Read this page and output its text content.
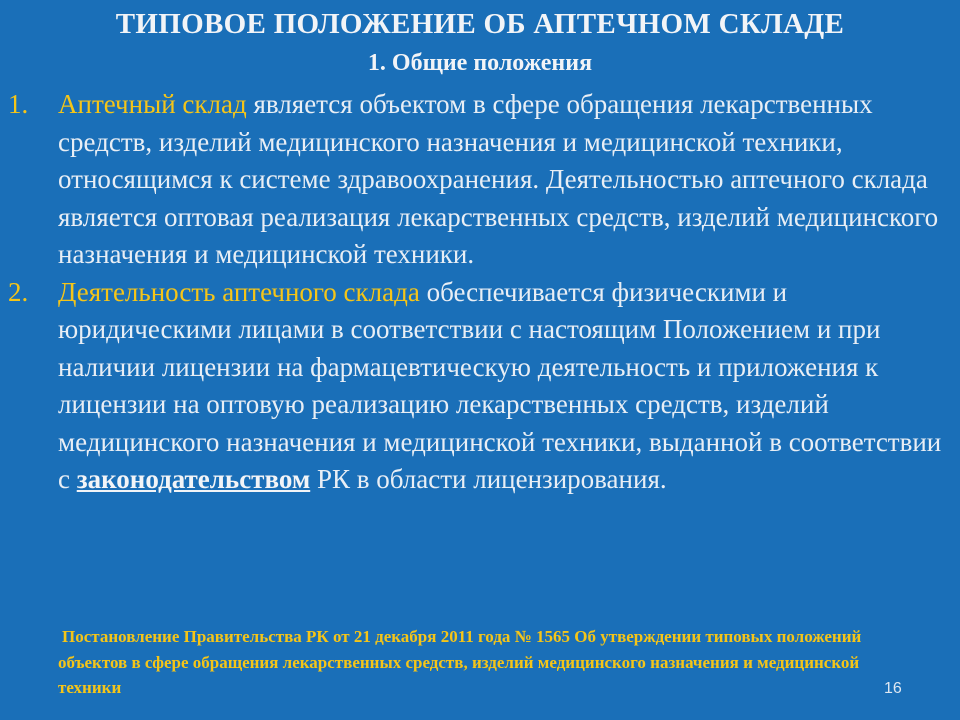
ТИПОВОЕ ПОЛОЖЕНИЕ ОБ АПТЕЧНОМ СКЛАДЕ
1. Общие положения
1. Аптечный склад является объектом в сфере обращения лекарственных средств, изделий медицинского назначения и медицинской техники, относящимся к системе здравоохранения. Деятельностью аптечного склада является оптовая реализация лекарственных средств, изделий медицинского назначения и медицинской техники.
2. Деятельность аптечного склада обеспечивается физическими и юридическими лицами в соответствии с настоящим Положением и при наличии лицензии на фармацевтическую деятельность и приложения к лицензии на оптовую реализацию лекарственных средств, изделий медицинского назначения и медицинской техники, выданной в соответствии с законодательством РК в области лицензирования.
Постановление Правительства РК от 21 декабря 2011 года № 1565 Об утверждении типовых положений объектов в сфере обращения лекарственных средств, изделий медицинского назначения и медицинской техники	16
